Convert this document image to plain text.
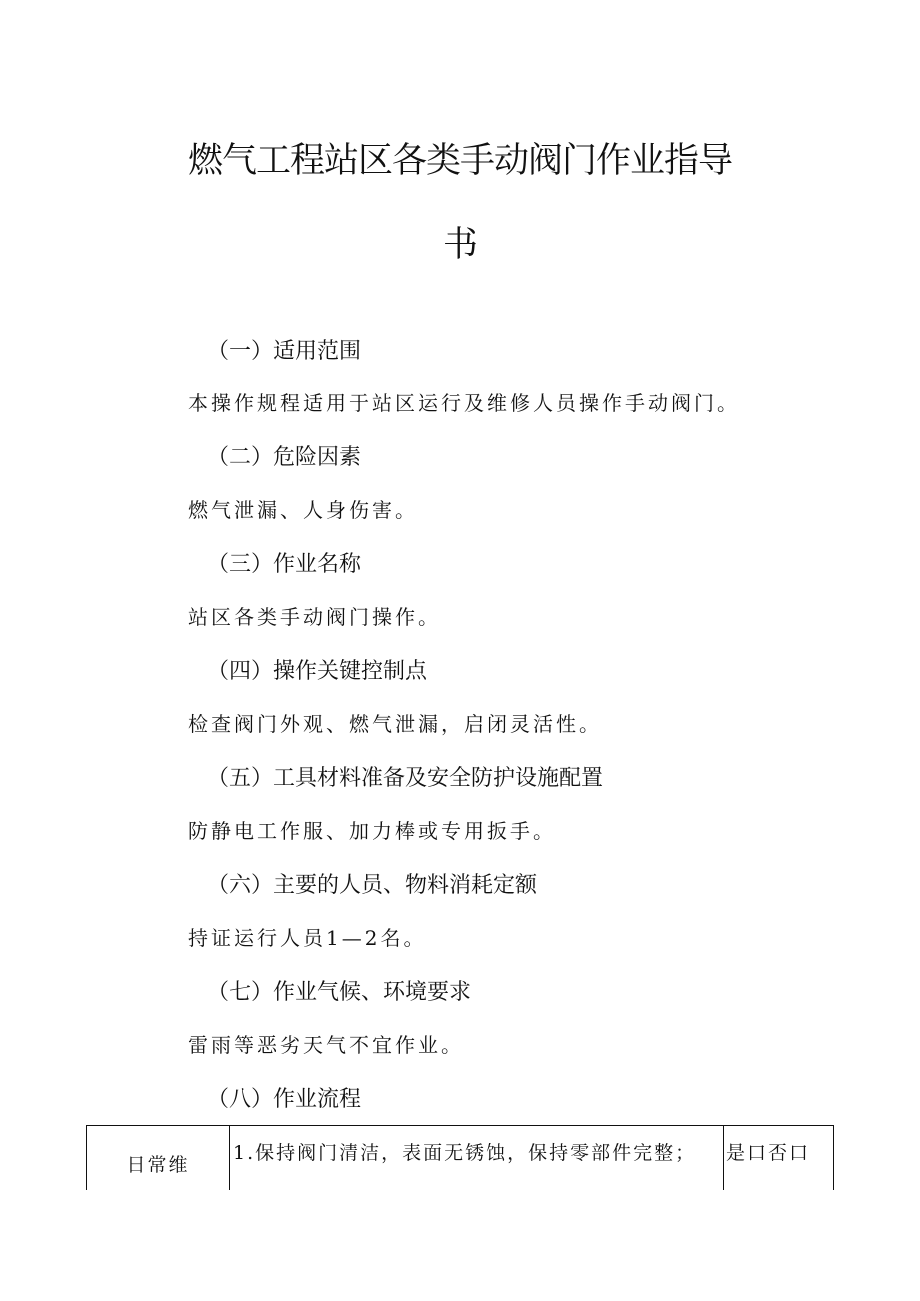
燃气工程站区各类手动阀门作业指导
书
（一）适用范围
本操作规程适用于站区运行及维修人员操作手动阀门。
（二）危险因素
燃气泄漏、人身伤害。
（三）作业名称
站区各类手动阀门操作。
（四）操作关键控制点
检查阀门外观、燃气泄漏，启闭灵活性。
（五）工具材料准备及安全防护设施配置
防静电工作服、加力棒或专用扳手。
（六）主要的人员、物料消耗定额
持证运行人员1—2名。
（七）作业气候、环境要求
雷雨等恶劣天气不宜作业。
（八）作业流程
日常维	1.保持阀门清洁，表面无锈蚀，保持零部件完整；	是口否口
